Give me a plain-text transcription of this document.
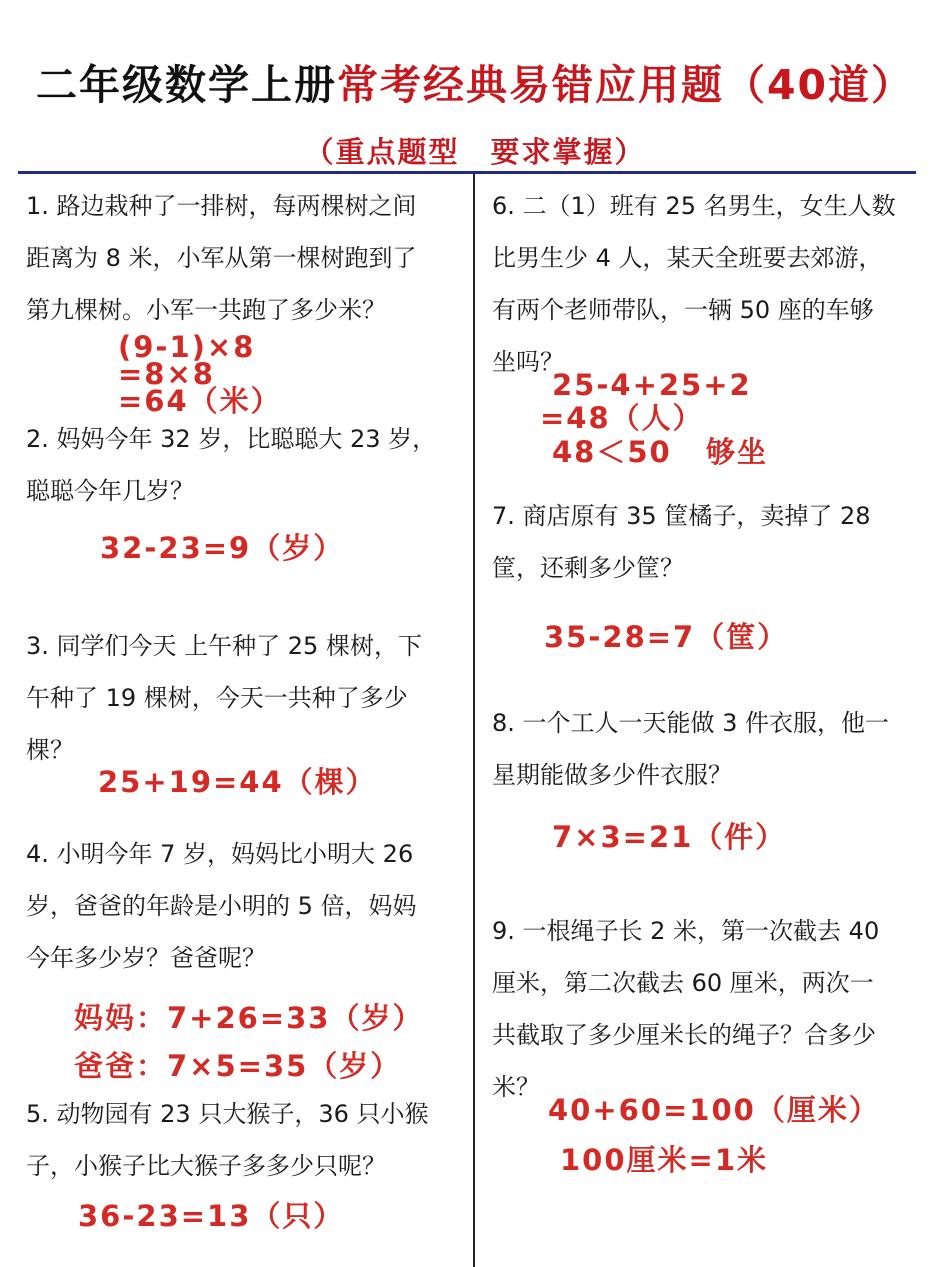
二年级数学上册常考经典易错应用题（40道）
（重点题型　要求掌握）
1. 路边栽种了一排树，每两棵树之间
距离为 8 米，小军从第一棵树跑到了
第九棵树。小军一共跑了多少米？
(9-1)×8
=8×8
=64（米）
2. 妈妈今年 32 岁，比聪聪大 23 岁，
聪聪今年几岁？
32-23=9（岁）
3. 同学们今天 上午种了 25 棵树，下
午种了 19 棵树，今天一共种了多少
棵？
25+19=44（棵）
4. 小明今年 7 岁，妈妈比小明大 26
岁，爸爸的年龄是小明的 5 倍，妈妈
今年多少岁？爸爸呢？
妈妈：7+26=33（岁）
爸爸：7×5=35（岁）
5. 动物园有 23 只大猴子，36 只小猴
子，小猴子比大猴子多多少只呢？
36-23=13（只）
6. 二（1）班有 25 名男生，女生人数
比男生少 4 人，某天全班要去郊游，
有两个老师带队，一辆 50 座的车够
坐吗？
25-4+25+2
=48（人）
48＜50 够坐
7. 商店原有 35 筐橘子，卖掉了 28
筐，还剩多少筐？
35-28=7（筐）
8. 一个工人一天能做 3 件衣服，他一
星期能做多少件衣服？
7×3=21（件）
9. 一根绳子长 2 米，第一次截去 40
厘米，第二次截去 60 厘米，两次一
共截取了多少厘米长的绳子？合多少
米？
40+60=100（厘米）
100厘米=1米
